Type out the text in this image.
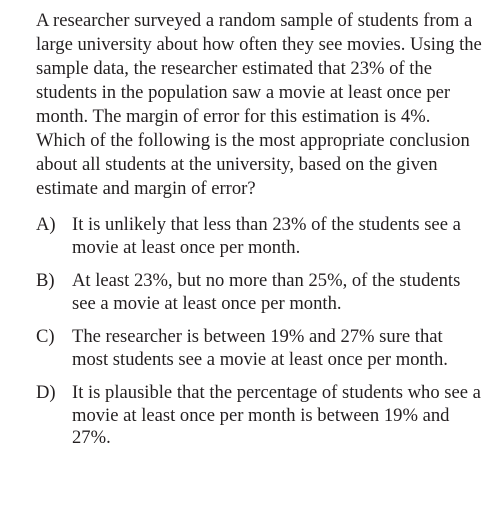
A researcher surveyed a random sample of students from a large university about how often they see movies. Using the sample data, the researcher estimated that 23% of the students in the population saw a movie at least once per month. The margin of error for this estimation is 4%. Which of the following is the most appropriate conclusion about all students at the university, based on the given estimate and margin of error?

A) It is unlikely that less than 23% of the students see a movie at least once per month.
B) At least 23%, but no more than 25%, of the students see a movie at least once per month.
C) The researcher is between 19% and 27% sure that most students see a movie at least once per month.
D) It is plausible that the percentage of students who see a movie at least once per month is between 19% and 27%.
